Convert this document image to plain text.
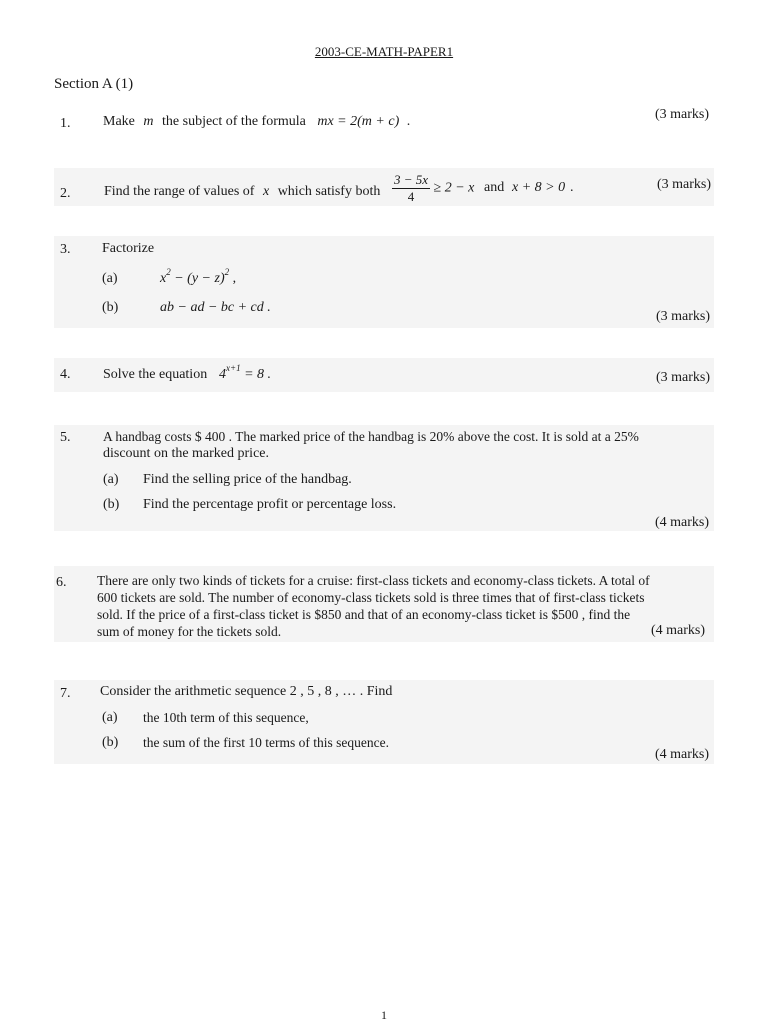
2003-CE-MATH-PAPER1
Section A (1)
1. Make m the subject of the formula mx = 2(m + c) .	(3 marks)
2. Find the range of values of x which satisfy both $\frac{3 - 5x}{4} \ge 2 - x$ and x + 8 > 0 .	(3 marks)
3. Factorize
(a)	$x^2 - (y - z)^2$ ,
(b)	ab − ad − bc + cd .
(3 marks)
4. Solve the equation $4^{x+1} = 8$ .	(3 marks)
5. A handbag costs $ 400 . The marked price of the handbag is 20% above the cost. It is sold at a 25%
discount on the marked price.
(a) Find the selling price of the handbag.
(b) Find the percentage profit or percentage loss.
(4 marks)
6. There are only two kinds of tickets for a cruise: first-class tickets and economy-class tickets. A total of
600 tickets are sold. The number of economy-class tickets sold is three times that of first-class tickets
sold. If the price of a first-class ticket is $850 and that of an economy-class ticket is $500 , find the
sum of money for the tickets sold.	(4 marks)
7. Consider the arithmetic sequence 2 , 5 , 8 , … . Find
(a) the 10th term of this sequence,
(b) the sum of the first 10 terms of this sequence.
(4 marks)
1
